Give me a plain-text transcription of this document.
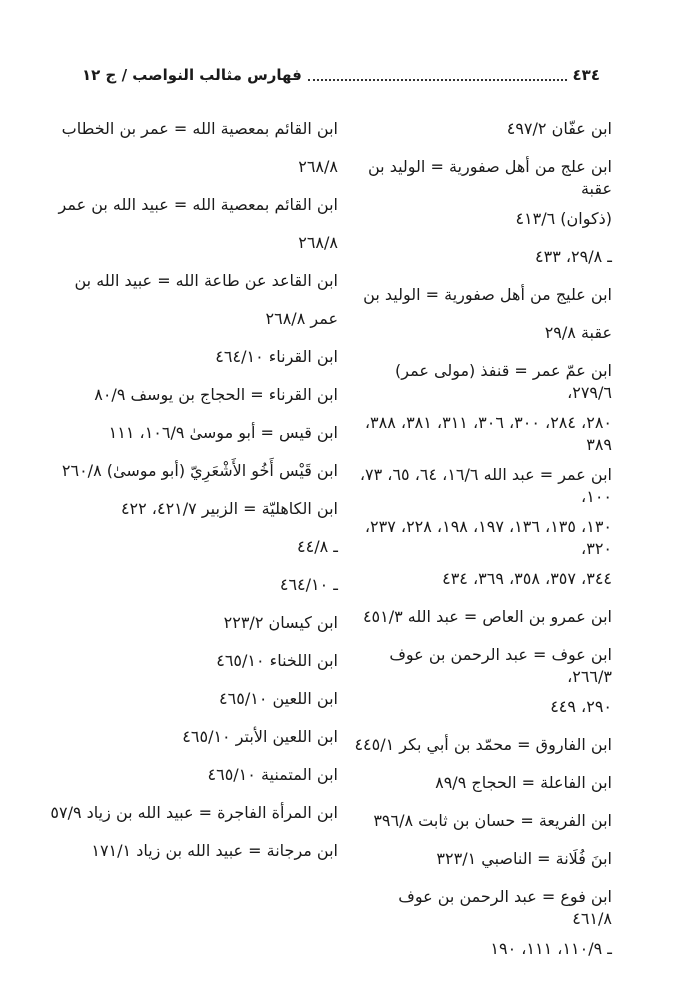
٤٣٤
فهارس مثالب النواصب / ج ١٢
ابن عفّان ٤٩٧/٢
ابن علج من أهل صفورية = الوليد بن عقبة
(ذكوان) ٤١٣/٦
ـ ٢٩/٨، ٤٣٣
ابن عليج من أهل صفورية = الوليد بن
عقبة ٢٩/٨
ابن عمّ عمر = قنفذ (مولى عمر) ٢٧٩/٦،
٢٨٠، ٢٨٤، ٣٠٠، ٣٠٦، ٣١١، ٣٨١، ٣٨٨، ٣٨٩
ابن عمر = عبد الله ١٦/٦، ٦٤، ٦٥، ٧٣، ١٠٠،
١٣٠، ١٣٥، ١٣٦، ١٩٧، ١٩٨، ٢٢٨، ٢٣٧، ٣٢٠،
٣٤٤، ٣٥٧، ٣٥٨، ٣٦٩، ٤٣٤
ابن عمرو بن العاص = عبد الله ٤٥١/٣
ابن عوف = عبد الرحمن بن عوف ٢٦٦/٣،
٢٩٠، ٤٤٩
ابن الفاروق = محمّد بن أبي بكر ٤٤٥/١
ابن الفاعلة = الحجاج ٨٩/٩
ابن الفريعة = حسان بن ثابت ٣٩٦/٨
ابنَ فُلَانة = الناصبي ٣٢٣/١
ابن فوع = عبد الرحمن بن عوف ٤٦١/٨
ـ ١١٠/٩، ١١١، ١٩٠
ابن القائم بمعصية الله = عمر بن الخطاب
٢٦٨/٨
ابن القائم بمعصية الله = عبيد الله بن عمر
٢٦٨/٨
ابن القاعد عن طاعة الله = عبيد الله بن
عمر ٢٦٨/٨
ابن القرناء ٤٦٤/١٠
ابن القرناء = الحجاج بن يوسف ٨٠/٩
ابن قيس = أبو موسىٰ ١٠٦/٩، ١١١
ابن قَيْس أَخُو الأَشْعَرِيّ (أبو موسىٰ) ٢٦٠/٨
ابن الكاهليّة = الزبير ٤٢١/٧، ٤٢٢
ـ ٤٤/٨
ـ ٤٦٤/١٠
ابن كيسان ٢٢٣/٢
ابن اللخناء ٤٦٥/١٠
ابن اللعين ٤٦٥/١٠
ابن اللعين الأبتر ٤٦٥/١٠
ابن المتمنية ٤٦٥/١٠
ابن المرأة الفاجرة = عبيد الله بن زياد ٥٧/٩
ابن مرجانة = عبيد الله بن زياد ١٧١/١
